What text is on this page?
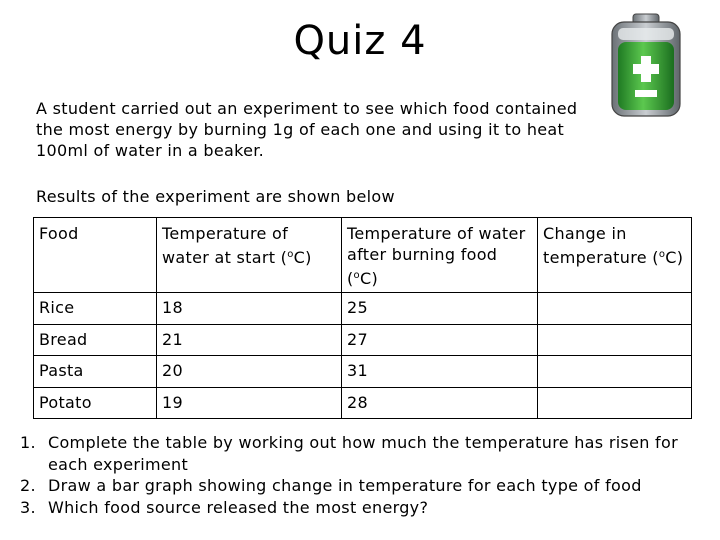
Quiz 4
A student carried out an experiment to see which food contained the most energy by burning 1g of each one and using it to heat 100ml of water in a beaker.
Results of the experiment are shown below
Food	Temperature of water at start ($^o$C)	Temperature of water after burning food ($^o$C)	Change in temperature ($^o$C)
Rice	18	25	
Bread	21	27	
Pasta	20	31	
Potato	19	28	
1. Complete the table by working out how much the temperature has risen for each experiment
2. Draw a bar graph showing change in temperature for each type of food
3. Which food source released the most energy?
